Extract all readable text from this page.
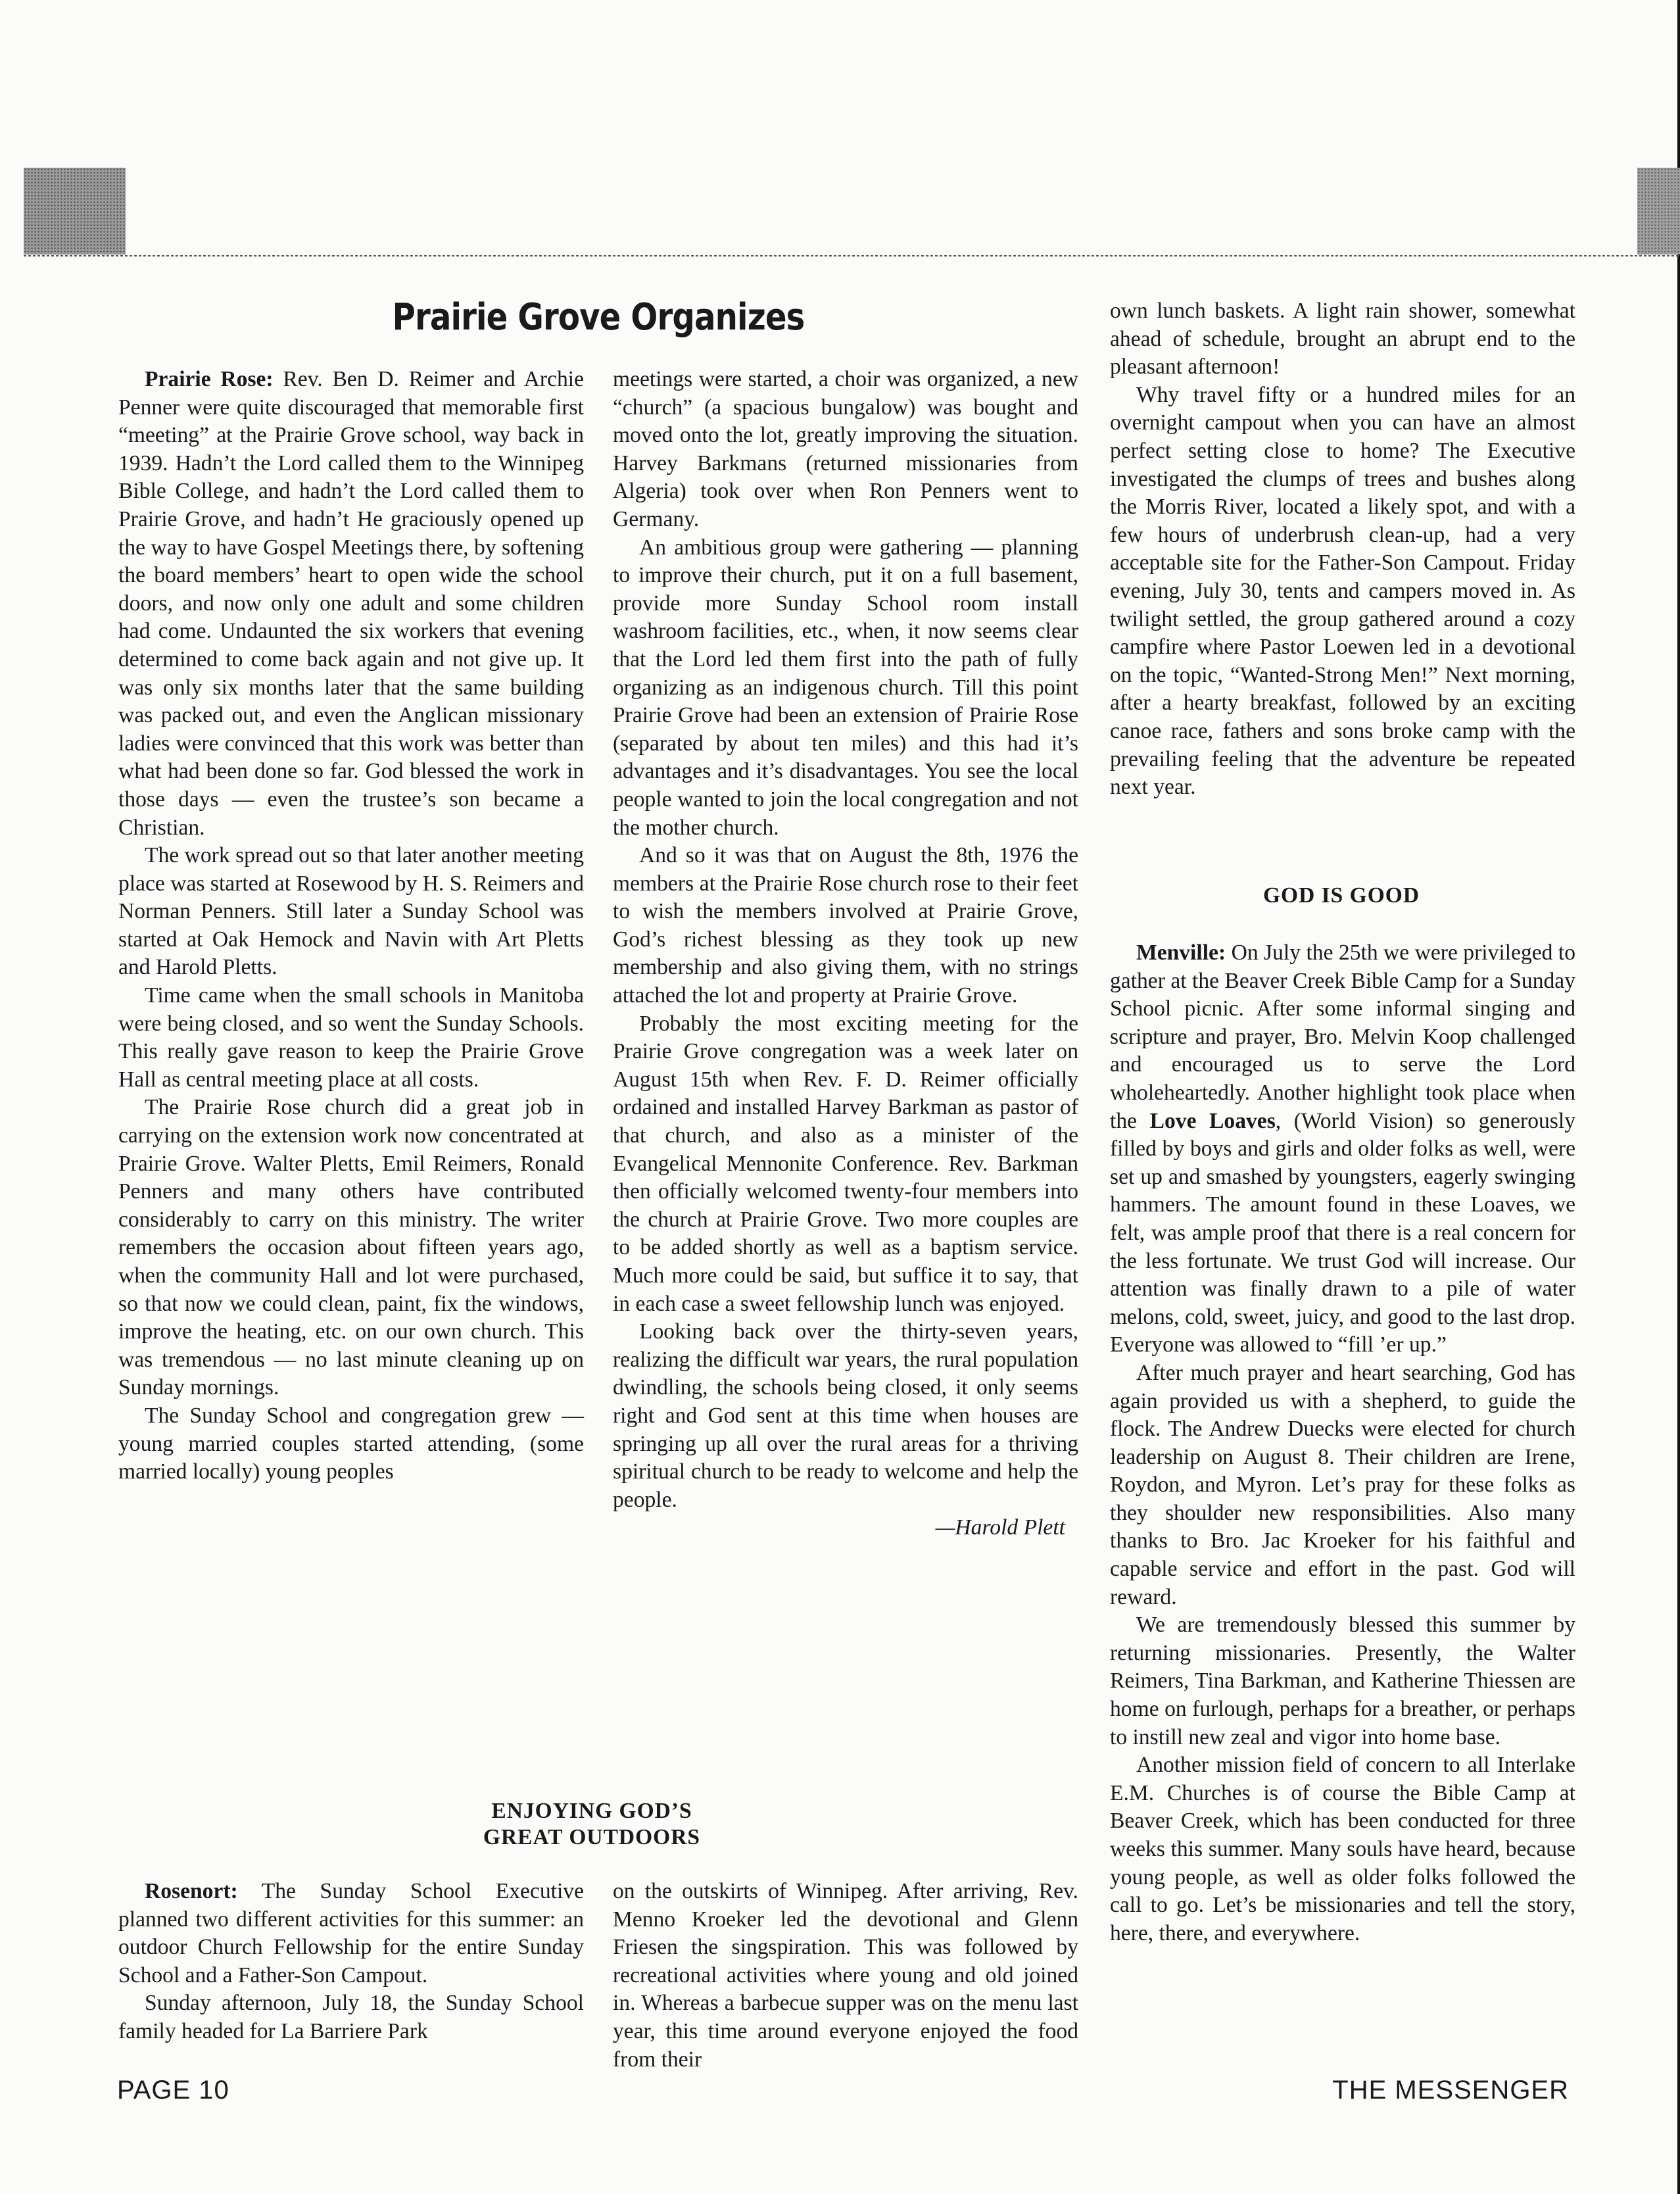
Prairie Grove Organizes

Prairie Rose: Rev. Ben D. Reimer and Archie Penner were quite discouraged that memorable first “meeting” at the Prairie Grove school, way back in 1939. Hadn’t the Lord called them to the Winnipeg Bible College, and hadn’t the Lord called them to Prairie Grove, and hadn’t He graciously opened up the way to have Gospel Meetings there, by softening the board members’ heart to open wide the school doors, and now only one adult and some children had come. Undaunted the six workers that evening determined to come back again and not give up. It was only six months later that the same building was packed out, and even the Anglican missionary ladies were convinced that this work was better than what had been done so far. God blessed the work in those days — even the trustee’s son became a Christian.

The work spread out so that later another meeting place was started at Rosewood by H. S. Reimers and Norman Penners. Still later a Sunday School was started at Oak Hemock and Navin with Art Pletts and Harold Pletts.

Time came when the small schools in Manitoba were being closed, and so went the Sunday Schools. This really gave reason to keep the Prairie Grove Hall as central meeting place at all costs.

The Prairie Rose church did a great job in carrying on the extension work now concentrated at Prairie Grove. Walter Pletts, Emil Reimers, Ronald Penners and many others have contributed considerably to carry on this ministry. The writer remembers the occasion about fifteen years ago, when the community Hall and lot were purchased, so that now we could clean, paint, fix the windows, improve the heating, etc. on our own church. This was tremendous — no last minute cleaning up on Sunday mornings.

The Sunday School and congregation grew — young married couples started attending, (some married locally) young peoples

meetings were started, a choir was organized, a new “church” (a spacious bungalow) was bought and moved onto the lot, greatly improving the situation. Harvey Barkmans (returned missionaries from Algeria) took over when Ron Penners went to Germany.

An ambitious group were gathering — planning to improve their church, put it on a full basement, provide more Sunday School room install washroom facilities, etc., when, it now seems clear that the Lord led them first into the path of fully organizing as an indigenous church. Till this point Prairie Grove had been an extension of Prairie Rose (separated by about ten miles) and this had it’s advantages and it’s disadvantages. You see the local people wanted to join the local congregation and not the mother church.

And so it was that on August the 8th, 1976 the members at the Prairie Rose church rose to their feet to wish the members involved at Prairie Grove, God’s richest blessing as they took up new membership and also giving them, with no strings attached the lot and property at Prairie Grove.

Probably the most exciting meeting for the Prairie Grove congregation was a week later on August 15th when Rev. F. D. Reimer officially ordained and installed Harvey Barkman as pastor of that church, and also as a minister of the Evangelical Mennonite Conference. Rev. Barkman then officially welcomed twenty-four members into the church at Prairie Grove. Two more couples are to be added shortly as well as a baptism service. Much more could be said, but suffice it to say, that in each case a sweet fellowship lunch was enjoyed.

Looking back over the thirty-seven years, realizing the difficult war years, the rural population dwindling, the schools being closed, it only seems right and God sent at this time when houses are springing up all over the rural areas for a thriving spiritual church to be ready to welcome and help the people.

—Harold Plett

ENJOYING GOD’S
GREAT OUTDOORS

Rosenort: The Sunday School Executive planned two different activities for this summer: an outdoor Church Fellowship for the entire Sunday School and a Father-Son Campout.

Sunday afternoon, July 18, the Sunday School family headed for La Barriere Park

on the outskirts of Winnipeg. After arriving, Rev. Menno Kroeker led the devotional and Glenn Friesen the singspiration. This was followed by recreational activities where young and old joined in. Whereas a barbecue supper was on the menu last year, this time around everyone enjoyed the food from their

own lunch baskets. A light rain shower, somewhat ahead of schedule, brought an abrupt end to the pleasant afternoon!

Why travel fifty or a hundred miles for an overnight campout when you can have an almost perfect setting close to home? The Executive investigated the clumps of trees and bushes along the Morris River, located a likely spot, and with a few hours of underbrush clean-up, had a very acceptable site for the Father-Son Campout. Friday evening, July 30, tents and campers moved in. As twilight settled, the group gathered around a cozy campfire where Pastor Loewen led in a devotional on the topic, “Wanted-Strong Men!” Next morning, after a hearty breakfast, followed by an exciting canoe race, fathers and sons broke camp with the prevailing feeling that the adventure be repeated next year.

GOD IS GOOD

Menville: On July the 25th we were privileged to gather at the Beaver Creek Bible Camp for a Sunday School picnic. After some informal singing and scripture and prayer, Bro. Melvin Koop challenged and encouraged us to serve the Lord wholeheartedly. Another highlight took place when the Love Loaves, (World Vision) so generously filled by boys and girls and older folks as well, were set up and smashed by youngsters, eagerly swinging hammers. The amount found in these Loaves, we felt, was ample proof that there is a real concern for the less fortunate. We trust God will increase. Our attention was finally drawn to a pile of water melons, cold, sweet, juicy, and good to the last drop. Everyone was allowed to “fill ’er up.”

After much prayer and heart searching, God has again provided us with a shepherd, to guide the flock. The Andrew Duecks were elected for church leadership on August 8. Their children are Irene, Roydon, and Myron. Let’s pray for these folks as they shoulder new responsibilities. Also many thanks to Bro. Jac Kroeker for his faithful and capable service and effort in the past. God will reward.

We are tremendously blessed this summer by returning missionaries. Presently, the Walter Reimers, Tina Barkman, and Katherine Thiessen are home on furlough, perhaps for a breather, or perhaps to instill new zeal and vigor into home base.

Another mission field of concern to all Interlake E.M. Churches is of course the Bible Camp at Beaver Creek, which has been conducted for three weeks this summer. Many souls have heard, because young people, as well as older folks followed the call to go. Let’s be missionaries and tell the story, here, there, and everywhere.

PAGE 10	THE MESSENGER
